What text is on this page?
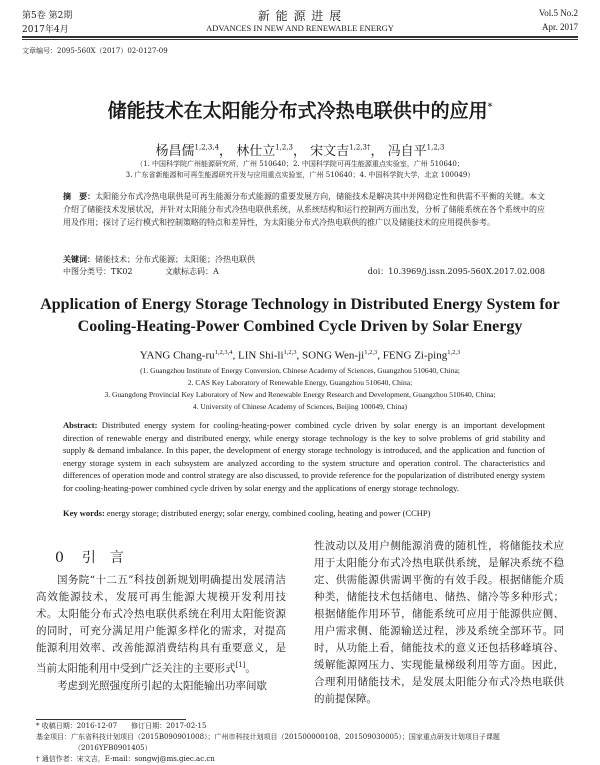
第5卷 第2期
2017年4月
新 能 源 进 展
ADVANCES IN NEW AND RENEWABLE ENERGY
Vol.5 No.2
Apr. 2017
文章编号：2095-560X（2017）02-0127-09
储能技术在太阳能分布式冷热电联供中的应用*
杨昌儒$^{1,2,3,4}$， 林仕立$^{1,2,3}$， 宋文吉$^{1,2,3\dagger}$， 冯自平$^{1,2,3}$
（1. 中国科学院广州能源研究所，广州 510640；2. 中国科学院可再生能源重点实验室，广州 510640；
3. 广东省新能源和可再生能源研究开发与应用重点实验室，广州 510640；4. 中国科学院大学，北京 100049）
摘　要：太阳能分布式冷热电联供是可再生能源分布式能源的重要发展方向，储能技术是解决其中并网稳定性和供需不平衡的关键。本文介绍了储能技术发展状况，并针对太阳能分布式冷热电联供系统，从系统结构和运行控制两方面出发，分析了储能系统在各个系统中的应用及作用；探讨了运行模式和控制策略的特点和差异性，为太阳能分布式冷热电联供的推广以及储能技术的应用提供参考。
关键词：储能技术；分布式能源；太阳能；冷热电联供
中图分类号：TK02	文献标志码：A	doi：10.3969/j.issn.2095-560X.2017.02.008
Application of Energy Storage Technology in Distributed Energy System for
Cooling-Heating-Power Combined Cycle Driven by Solar Energy
YANG Chang-ru$^{1,2,3,4}$, LIN Shi-li$^{1,2,3}$, SONG Wen-ji$^{1,2,3}$, FENG Zi-ping$^{1,2,3}$
(1. Guangzhou Institute of Energy Conversion, Chinese Academy of Sciences, Guangzhou 510640, China;
2. CAS Key Laboratory of Renewable Energy, Guangzhou 510640, China;
3. Guangdong Provincial Key Laboratory of New and Renewable Energy Research and Development, Guangzhou 510640, China;
4. University of Chinese Academy of Sciences, Beijing 100049, China)
Abstract: Distributed energy system for cooling-heating-power combined cycle driven by solar energy is an important development direction of renewable energy and distributed energy, while energy storage technology is the key to solve problems of grid stability and supply & demand imbalance. In this paper, the development of energy storage technology is introduced, and the application and function of energy storage system in each subsystem are analyzed according to the system structure and operation control. The characteristics and differences of operation mode and control strategy are also discussed, to provide reference for the popularization of distributed energy system for cooling-heating-power combined cycle driven by solar energy and the applications of energy storage technology.
Key words: energy storage; distributed energy; solar energy, combined cooling, heating and power (CCHP)
0 引　言

国务院“十二五”科技创新规划明确提出发展清洁高效能源技术，发展可再生能源大规模开发利用技术。太阳能分布式冷热电联供系统在利用太阳能资源的同时，可充分满足用户能源多样化的需求，对提高能源利用效率、改善能源消费结构具有重要意义，是当前太阳能利用中受到广泛关注的主要形式[1]。

考虑到光照强度所引起的太阳能输出功率间歇

性波动以及用户侧能源消费的随机性，将储能技术应用于太阳能分布式冷热电联供系统，是解决系统不稳定、供需能源供需调平衡的有效手段。根据储能介质种类，储能技术包括储电、储热、储冷等多种形式；根据储能作用环节，储能系统可应用于能源供应侧、用户需求侧、能源输送过程，涉及系统全部环节。同时，从功能上看，储能技术的意义还包括移峰填谷、缓解能源网压力、实现能量梯级利用等方面。因此，合理利用储能技术，是发展太阳能分布式冷热电联供的前提保障。

* 收稿日期：2016-12-07　　修订日期：2017-02-15
基金项目：广东省科技计划项目（2015B090901008）；广州市科技计划项目（201500000108、201509030005）；国家重点研发计划项目子课题
（2016YFB0901405）
† 通信作者：宋文吉，E-mail：songwj@ms.giec.ac.cn
